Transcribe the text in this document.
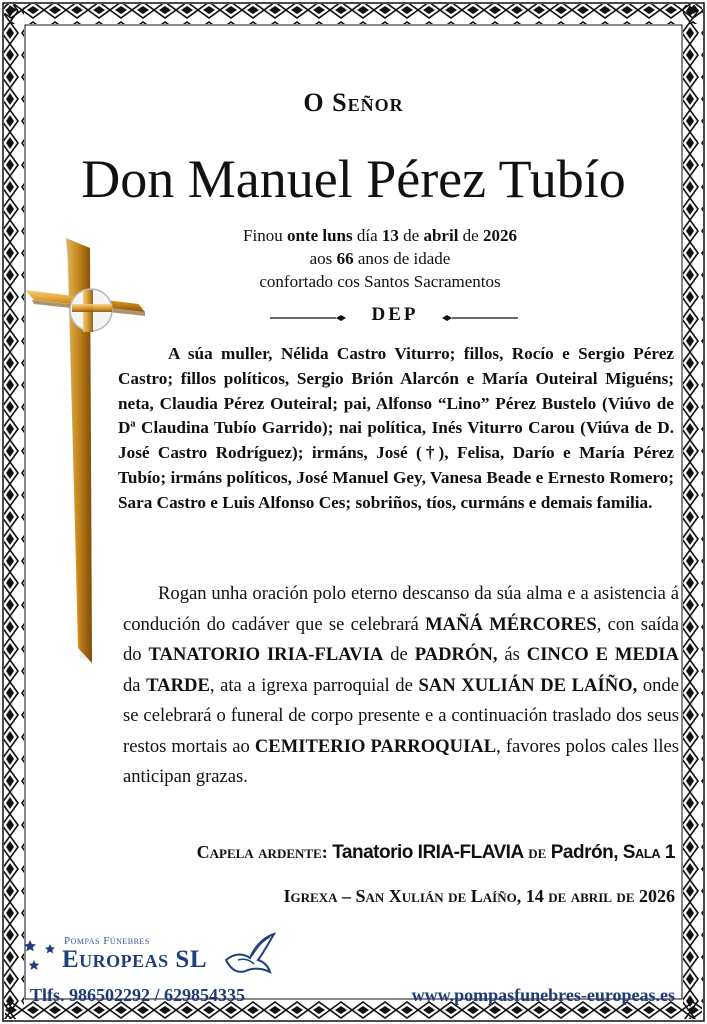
O Señor
Don Manuel Pérez Tubío
Finou onte luns día 13 de abril de 2026
aos 66 anos de idade
confortado cos Santos Sacramentos
DEP
A súa muller, Nélida Castro Viturro; fillos, Rocío e Sergio Pérez Castro; fillos políticos, Sergio Brión Alarcón e María Outeiral Miguéns; neta, Claudia Pérez Outeiral; pai, Alfonso “Lino” Pérez Bustelo (Viúvo de Dª Claudina Tubío Garrido); nai política, Inés Viturro Carou (Viúva de D. José Castro Rodríguez); irmáns, José (†), Felisa, Darío e María Pérez Tubío; irmáns políticos, José Manuel Gey, Vanesa Beade e Ernesto Romero; Sara Castro e Luis Alfonso Ces; sobriños, tíos, curmáns e demais familia.
Rogan unha oración polo eterno descanso da súa alma e a asistencia á condución do cadáver que se celebrará MAÑÁ MÉRCORES, con saída do TANATORIO IRIA-FLAVIA de PADRÓN, ás CINCO E MEDIA da TARDE, ata a igrexa parroquial de SAN XULIÁN DE LAÍÑO, onde se celebrará o funeral de corpo presente e a continuación traslado dos seus restos mortais ao CEMITERIO PARROQUIAL, favores polos cales lles anticipan grazas.
Capela ardente: Tanatorio IRIA-FLAVIA de Padrón, Sala 1
Igrexa – San Xulián de Laíño, 14 de abril de 2026
Pompas Fúnebres
Europeas SL
Tlfs. 986502292 / 629854335	www.pompasfunebres-europeas.es
